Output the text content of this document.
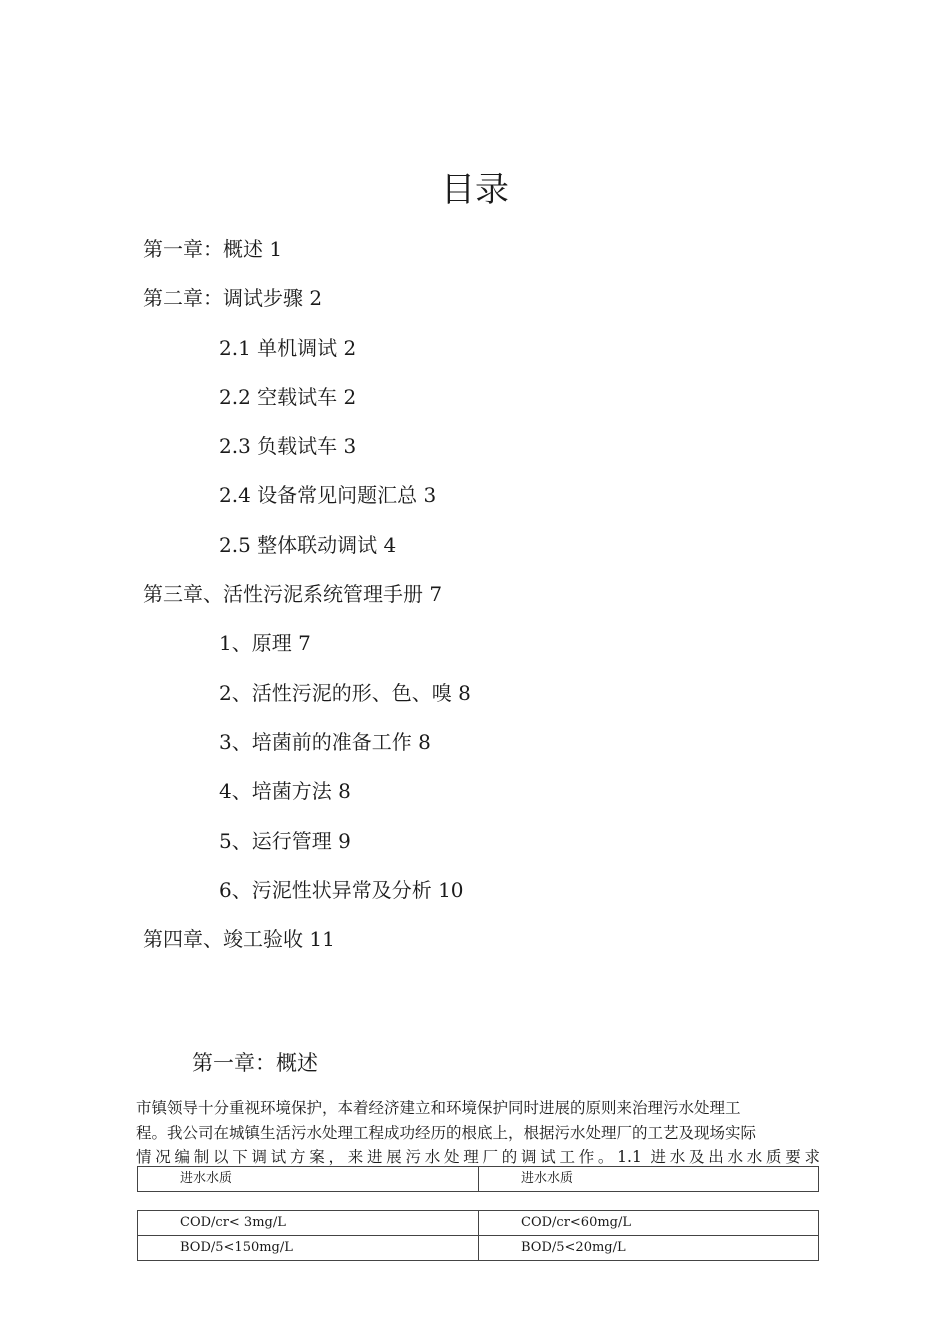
目录
第一章：概述 1
第二章：调试步骤 2
2.1 单机调试 2
2.2 空载试车 2
2.3 负载试车 3
2.4 设备常见问题汇总 3
2.5 整体联动调试 4
第三章、活性污泥系统管理手册 7
1、原理 7
2、活性污泥的形、色、嗅 8
3、培菌前的准备工作 8
4、培菌方法 8
5、运行管理 9
6、污泥性状异常及分析 10
第四章、竣工验收 11
第一章：概述
市镇领导十分重视环境保护，本着经济建立和环境保护同时进展的原则来治理污水处理工
程。我公司在城镇生活污水处理工程成功经历的根底上，根据污水处理厂的工艺及现场实际
情况编制以下调试方案，来进展污水处理厂的调试工作。1.1 进水及出水水质要求
进水水质	进水水质
COD/cr< 3mg/L	COD/cr<60mg/L
BOD/5<150mg/L	BOD/5<20mg/L
